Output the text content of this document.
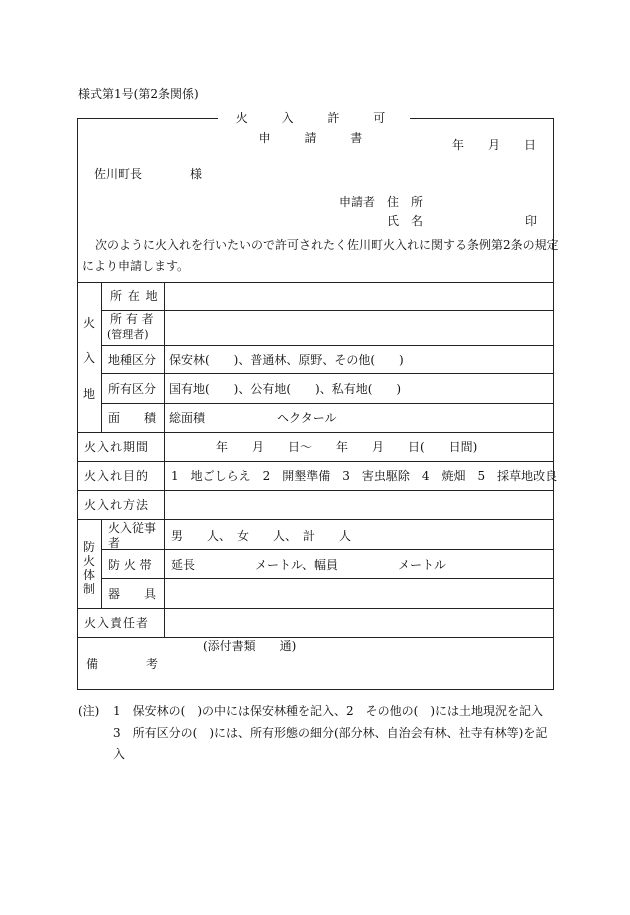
様式第1号(第2条関係)
火 入 許 可 申 請 書	年　　月　　日
佐川町長　　　　様
申請者　住　所
氏　名	印
次のように火入れを行いたいので許可されたく佐川町火入れに関する条例第2条の規定
により申請します。
火
入
地
所 在 地
所 有 者
(管理者)
地種区分 保安林(　　)、普通林、原野、その他(　　)
所有区分 国有地(　　)、公有地(　　)、私有地(　　)
面　　積 総面積　　　　　　ヘクタール
火入れ期間	年　　月　　日～　　年　　月　　日(　　日間)
火入れ目的 1　地ごしらえ　2　開墾準備　3　害虫駆除　4　焼畑　5　採草地改良
火入れ方法
防
火
体
制
火入従事
者	男　　人、　女　　人、　計　　人
防 火 帯 延長　　　　　メートル、幅員　　　　　メートル
器　　具
火入責任者
備　　　　考
(添付書類　　通)
(注) 1　保安林の(　)の中には保安林種を記入、2　その他の(　)には土地現況を記入
3　所有区分の(　)には、所有形態の細分(部分林、自治会有林、社寺有林等)を記
入
